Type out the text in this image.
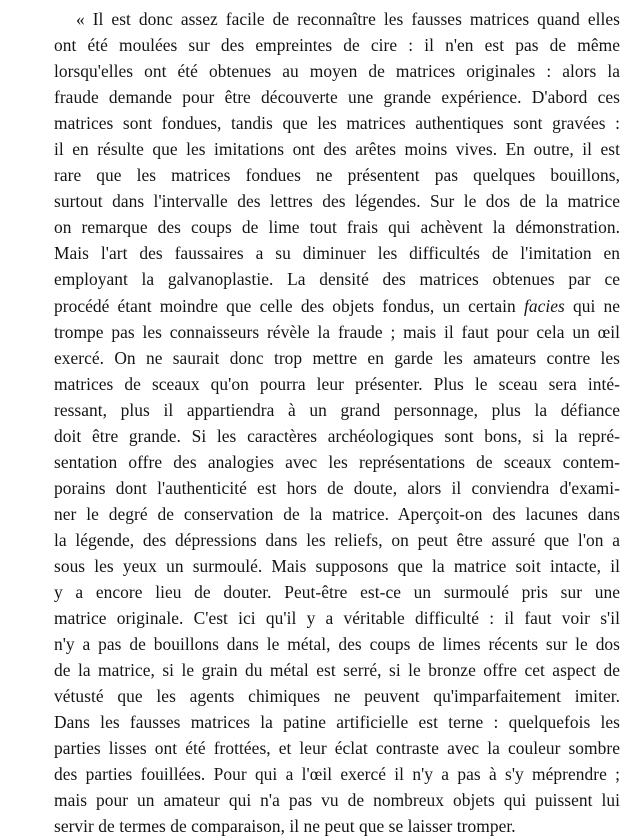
« Il est donc assez facile de reconnaître les fausses matrices quand elles
ont été moulées sur des empreintes de cire : il n'en est pas de même
lorsqu'elles ont été obtenues au moyen de matrices originales : alors la
fraude demande pour être découverte une grande expérience. D'abord ces
matrices sont fondues, tandis que les matrices authentiques sont gravées :
il en résulte que les imitations ont des arêtes moins vives. En outre, il est
rare que les matrices fondues ne présentent pas quelques bouillons,
surtout dans l'intervalle des lettres des légendes. Sur le dos de la matrice
on remarque des coups de lime tout frais qui achèvent la démonstration.
Mais l'art des faussaires a su diminuer les difficultés de l'imitation en
employant la galvanoplastie. La densité des matrices obtenues par ce
procédé étant moindre que celle des objets fondus, un certain facies qui ne
trompe pas les connaisseurs révèle la fraude ; mais il faut pour cela un œil
exercé. On ne saurait donc trop mettre en garde les amateurs contre les
matrices de sceaux qu'on pourra leur présenter. Plus le sceau sera inté-
ressant, plus il appartiendra à un grand personnage, plus la défiance
doit être grande. Si les caractères archéologiques sont bons, si la repré-
sentation offre des analogies avec les représentations de sceaux contem-
porains dont l'authenticité est hors de doute, alors il conviendra d'exami-
ner le degré de conservation de la matrice. Aperçoit-on des lacunes dans
la légende, des dépressions dans les reliefs, on peut être assuré que l'on a
sous les yeux un surmoulé. Mais supposons que la matrice soit intacte, il
y a encore lieu de douter. Peut-être est-ce un surmoulé pris sur une
matrice originale. C'est ici qu'il y a véritable difficulté : il faut voir s'il
n'y a pas de bouillons dans le métal, des coups de limes récents sur le dos
de la matrice, si le grain du métal est serré, si le bronze offre cet aspect de
vétusté que les agents chimiques ne peuvent qu'imparfaitement imiter.
Dans les fausses matrices la patine artificielle est terne : quelquefois les
parties lisses ont été frottées, et leur éclat contraste avec la couleur sombre
des parties fouillées. Pour qui a l'œil exercé il n'y a pas à s'y méprendre ;
mais pour un amateur qui n'a pas vu de nombreux objets qui puissent lui
servir de termes de comparaison, il ne peut que se laisser tromper.
